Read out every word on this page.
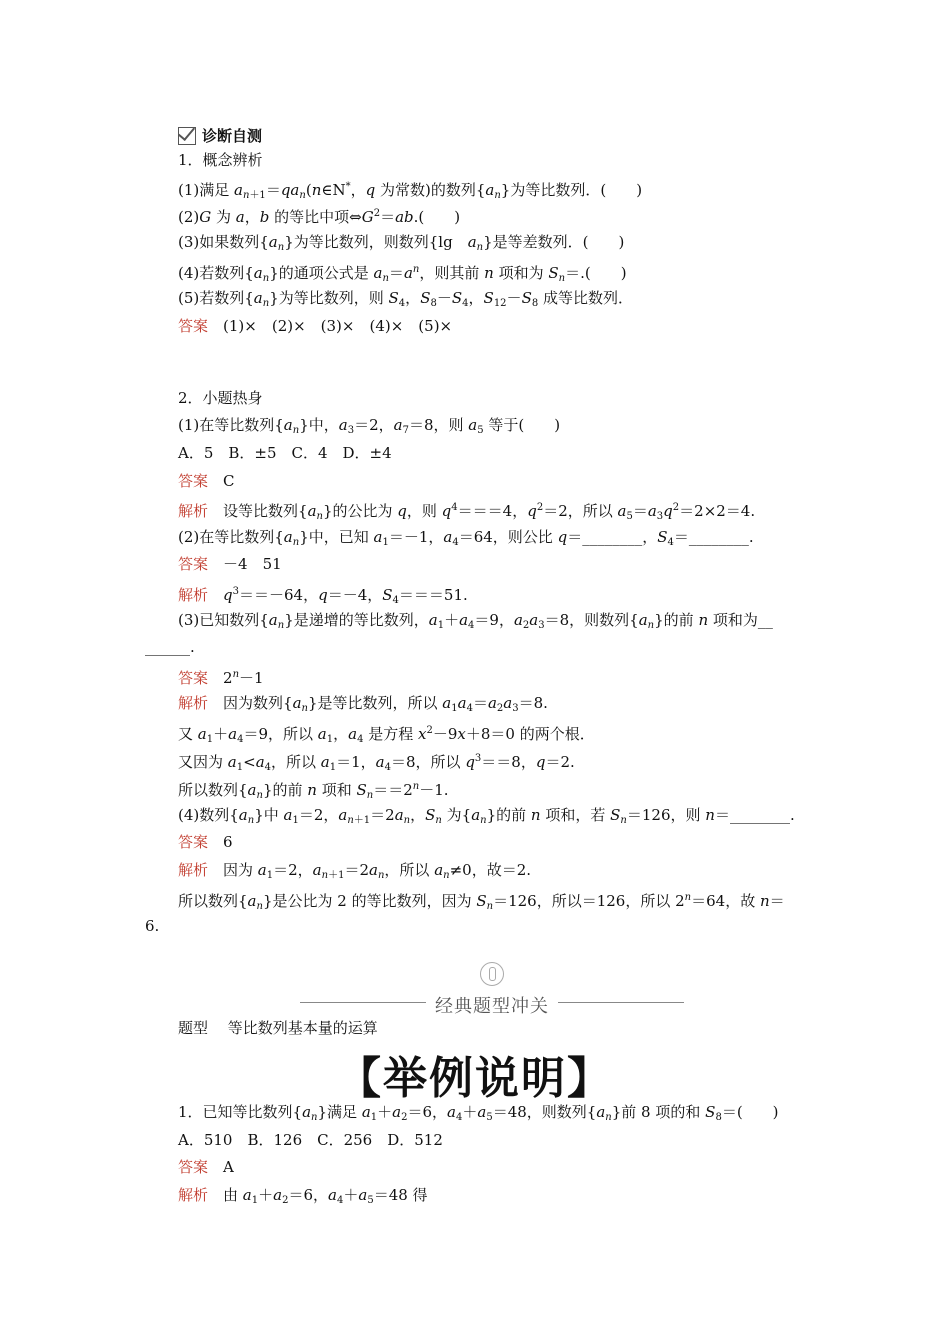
诊断自测
1．概念辨析
(1)满足 $a_{n+1}=qa_n(n\in N^*$，q 为常数)的数列$\{a_n\}$为等比数列．(　　)
(2)G 为 a，b 的等比中项$\Leftrightarrow G^2=ab$.(　　)
(3)如果数列$\{a_n\}$为等比数列，则数列{lg　$a_n$}是等差数列．(　　)
(4)若数列$\{a_n\}$的通项公式是 $a_n=a^n$，则其前 n 项和为 $S_n=$.(　　)
(5)若数列$\{a_n\}$为等比数列，则 $S_4$，$S_8-S_4$，$S_{12}-S_8$ 成等比数列．
答案　 (1)×　(2)×　(3)×　(4)×　(5)×
2．小题热身
(1)在等比数列$\{a_n\}$中，$a_3=2$，$a_7=8$，则 $a_5$ 等于(　　)
A．5　B．±5　C．4　D．±4
答案　 C
解析　设等比数列$\{a_n\}$的公比为 q，则 $q^4===4$，$q^2=2$，所以 $a_5=a_3q^2=2\times 2=4$.
(2)在等比数列$\{a_n\}$中，已知 $a_1=-1$，$a_4=64$，则公比 q＝________，$S_4=\_\_\_\_\_\_\_\_$.
答案　 －4　51
解析　 $q^3==-64$，q＝－4，$S_4===51$.
(3)已知数列$\{a_n\}$是递增的等比数列，$a_1+a_4=9$，$a_2a_3=8$，则数列$\{a_n\}$的前 n 项和为__
______.
答案　$2^n-1$
解析　因为数列$\{a_n\}$是等比数列，所以 $a_1a_4=a_2a_3=8$.
又 $a_1+a_4=9$，所以 $a_1$，$a_4$ 是方程 $x^2-9x+8=0$ 的两个根．
又因为 $a_1<a_4$，所以 $a_1=1$，$a_4=8$，所以 $q^3==8$，q＝2.
所以数列$\{a_n\}$的前 n 项和 $S_n==2^n-1$.
(4)数列$\{a_n\}$中 $a_1=2$，$a_{n+1}=2a_n$，$S_n$ 为$\{a_n\}$的前 n 项和，若 $S_n=126$，则 n＝________.
答案　 6
解析　因为 $a_1=2$，$a_{n+1}=2a_n$，所以 $a_n\ne 0$，故＝2.
所以数列$\{a_n\}$是公比为 2 的等比数列，因为 $S_n=126$，所以＝126，所以 $2^n=64$，故 n＝
6.
经典题型冲关
题型　 等比数列基本量的运算
【举例说明】
1．已知等比数列$\{a_n\}$满足 $a_1+a_2=6$，$a_4+a_5=48$，则数列$\{a_n\}$前 8 项的和 $S_8=$(　　)
A．510　B．126　C．256　D．512
答案　 A
解析　由 $a_1+a_2=6$，$a_4+a_5=48$ 得
